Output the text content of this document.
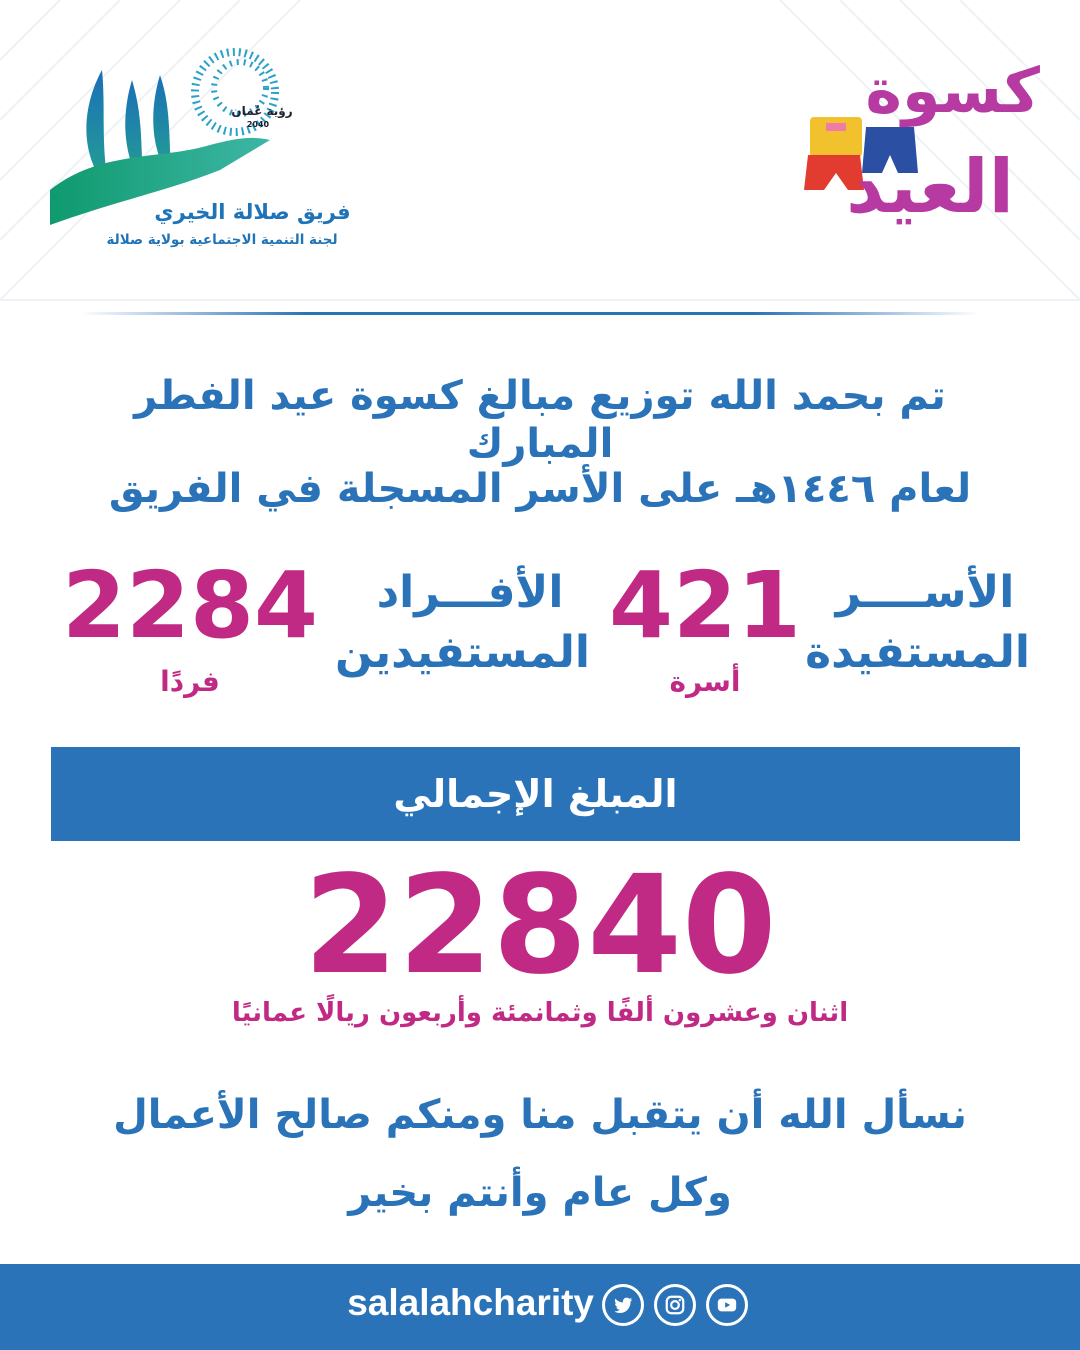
رؤية عُمان
2040
فريق صلالة الخيري
لجنة التنمية الاجتماعية بولاية صلالة
كسوة
العيد
تم بحمد الله توزيع مبالغ كسوة عيد الفطر المبارك
لعام ١٤٤٦هـ على الأسر المسجلة في الفريق
الأســــر
المستفيدة
421
أسرة
الأفـــراد
المستفيدين
2284
فردًا
المبلغ الإجمالي
22840
اثنان وعشرون ألفًا وثمانمئة وأربعون ريالًا عمانيًا
نسأل الله أن يتقبل منا ومنكم صالح الأعمال
وكل عام وأنتم بخير
salalahcharity
